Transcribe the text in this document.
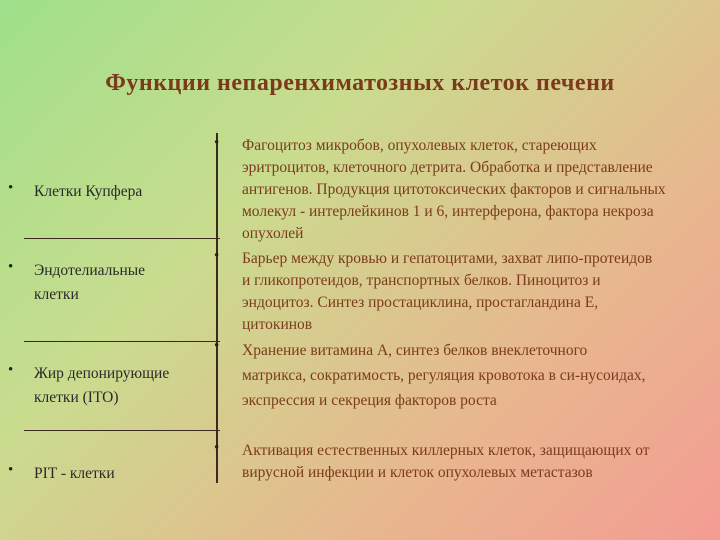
Функции непаренхиматозных клеток печени
• Клетки Купфера
• Эндотелиальные клетки
• Жир депонирующие клетки (ITO)
• PIT - клетки
• Фагоцитоз микробов, опухолевых клеток, стареющих эритроцитов, клеточного детрита. Обработка и представление антигенов. Продукция цитотоксических факторов и сигнальных молекул - интерлейкинов 1 и 6, интерферона, фактора некроза опухолей
• Барьер между кровью и гепатоцитами, захват липо-протеидов и гликопротеидов, транспортных белков. Пиноцитоз и эндоцитоз. Синтез простациклина, простагландина Е, цитокинов
• Хранение витамина А, синтез белков внеклеточного матрикса, сократимость, регуляция кровотока в си-нусоидах, экспрессия и секреция факторов роста
• Активация естественных киллерных клеток, защищающих от вирусной инфекции и клеток опухолевых метастазов
